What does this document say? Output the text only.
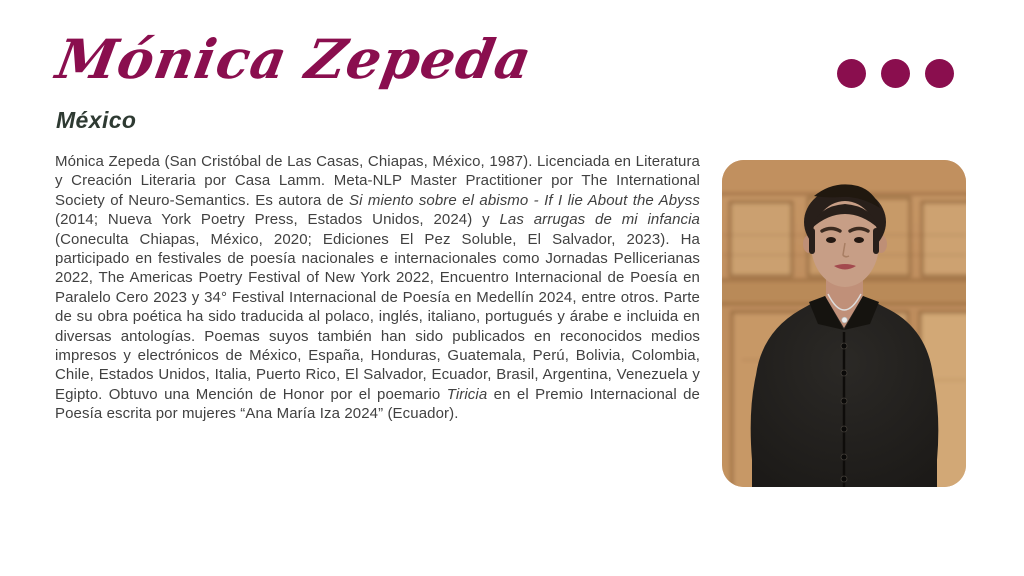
Mónica Zepeda
México

Mónica Zepeda (San Cristóbal de Las Casas, Chiapas, México, 1987). Licenciada en Literatura y Creación Literaria por Casa Lamm. Meta-NLP Master Practitioner por The International Society of Neuro-Semantics. Es autora de Si miento sobre el abismo - If I lie About the Abyss (2014; Nueva York Poetry Press, Estados Unidos, 2024) y Las arrugas de mi infancia (Coneculta Chiapas, México, 2020; Ediciones El Pez Soluble, El Salvador, 2023). Ha participado en festivales de poesía nacionales e internacionales como Jornadas Pellicerianas 2022, The Americas Poetry Festival of New York 2022, Encuentro Internacional de Poesía en Paralelo Cero 2023 y 34° Festival Internacional de Poesía en Medellín 2024, entre otros. Parte de su obra poética ha sido traducida al polaco, inglés, italiano, portugués y árabe e incluida en diversas antologías. Poemas suyos también han sido publicados en reconocidos medios impresos y electrónicos de México, España, Honduras, Guatemala, Perú, Bolivia, Colombia, Chile, Estados Unidos, Italia, Puerto Rico, El Salvador, Ecuador, Brasil, Argentina, Venezuela y Egipto. Obtuvo una Mención de Honor por el poemario Tiricia en el Premio Internacional de Poesía escrita por mujeres “Ana María Iza 2024” (Ecuador).
